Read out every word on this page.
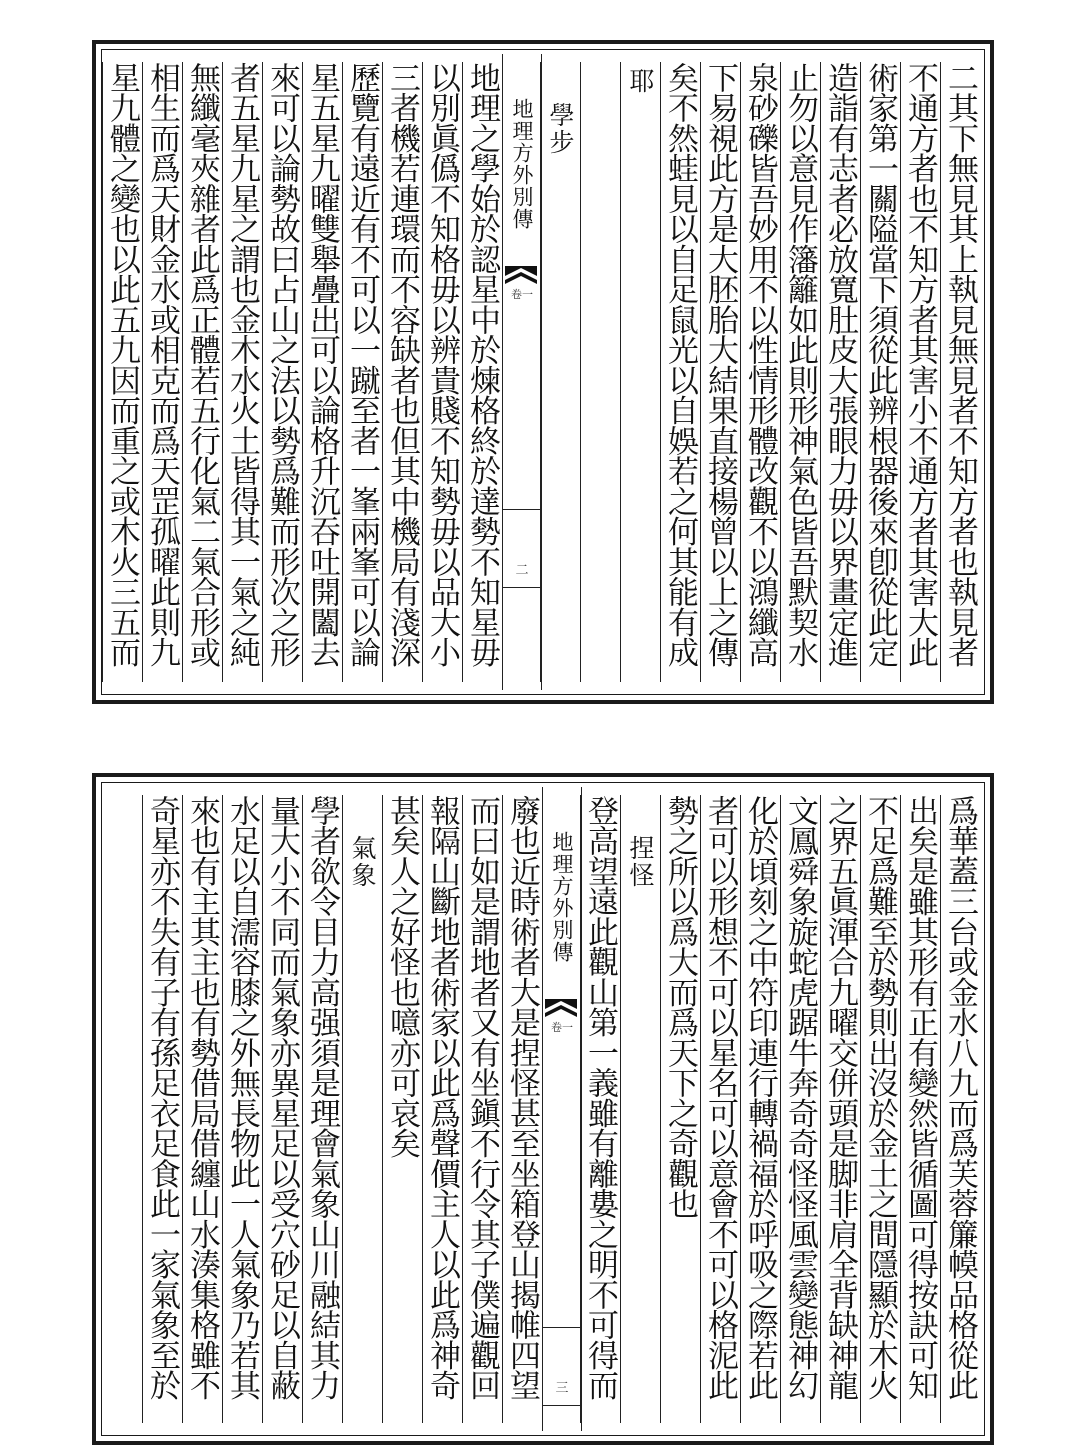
二其下無見其上執見無見者不知方者也執見者
不通方者也不知方者其害小不通方者其害大此
術家第一關隘當下須從此辨根器後來卽從此定
造詣有志者必放寬肚皮大張眼力毋以界畫定進
止勿以意見作籓籬如此則形神氣色皆吾默契水
泉砂礫皆吾妙用不以性情形體改觀不以鴻纖高
下易視此方是大胚胎大結果直接楊曾以上之傳
矣不然蛙見以自足鼠光以自娛若之何其能有成
耶
學步
地理方外別傳
卷一
二
地理之學始於認星中於煉格終於達勢不知星毋
以別眞僞不知格毋以辨貴賤不知勢毋以品大小
三者機若連環而不容缺者也但其中機局有淺深
歷覽有遠近有不可以一蹴至者一峯兩峯可以論
星五星九曜雙舉疊出可以論格升沉吞吐開闔去
來可以論勢故曰占山之法以勢爲難而形次之形
者五星九星之謂也金木水火土皆得其一氣之純
無纖毫夾雜者此爲正體若五行化氣二氣合形或
相生而爲天財金水或相克而爲天罡孤曜此則九
星九體之變也以此五九因而重之或木火三五而
爲華蓋三台或金水八九而爲芙蓉簾幙品格從此
出矣是雖其形有正有變然皆循圖可得按訣可知
不足爲難至於勢則出沒於金土之間隱顯於木火
之界五眞渾合九曜交併頭是脚非肩全背缺神龍
文鳳舜象旋蛇虎踞牛奔奇奇怪怪風雲變態神幻
化於頃刻之中符印連行轉禍福於呼吸之際若此
者可以形想不可以星名可以意會不可以格泥此
勢之所以爲大而爲天下之奇觀也
捏怪
登高望遠此觀山第一義雖有離婁之明不可得而
地理方外別傳
卷一
三
廢也近時術者大是捏怪甚至坐箱登山揭帷四望
而曰如是謂地者又有坐鎭不行令其子僕遍觀回
報隔山斷地者術家以此爲聲價主人以此爲神奇
甚矣人之好怪也噫亦可哀矣
氣象
學者欲令目力高强須是理會氣象山川融結其力
量大小不同而氣象亦異星足以受穴砂足以自蔽
水足以自濡容膝之外無長物此一人氣象乃若其
來也有主其主也有勢借局借纏山水湊集格雖不
奇星亦不失有子有孫足衣足食此一家氣象至於
